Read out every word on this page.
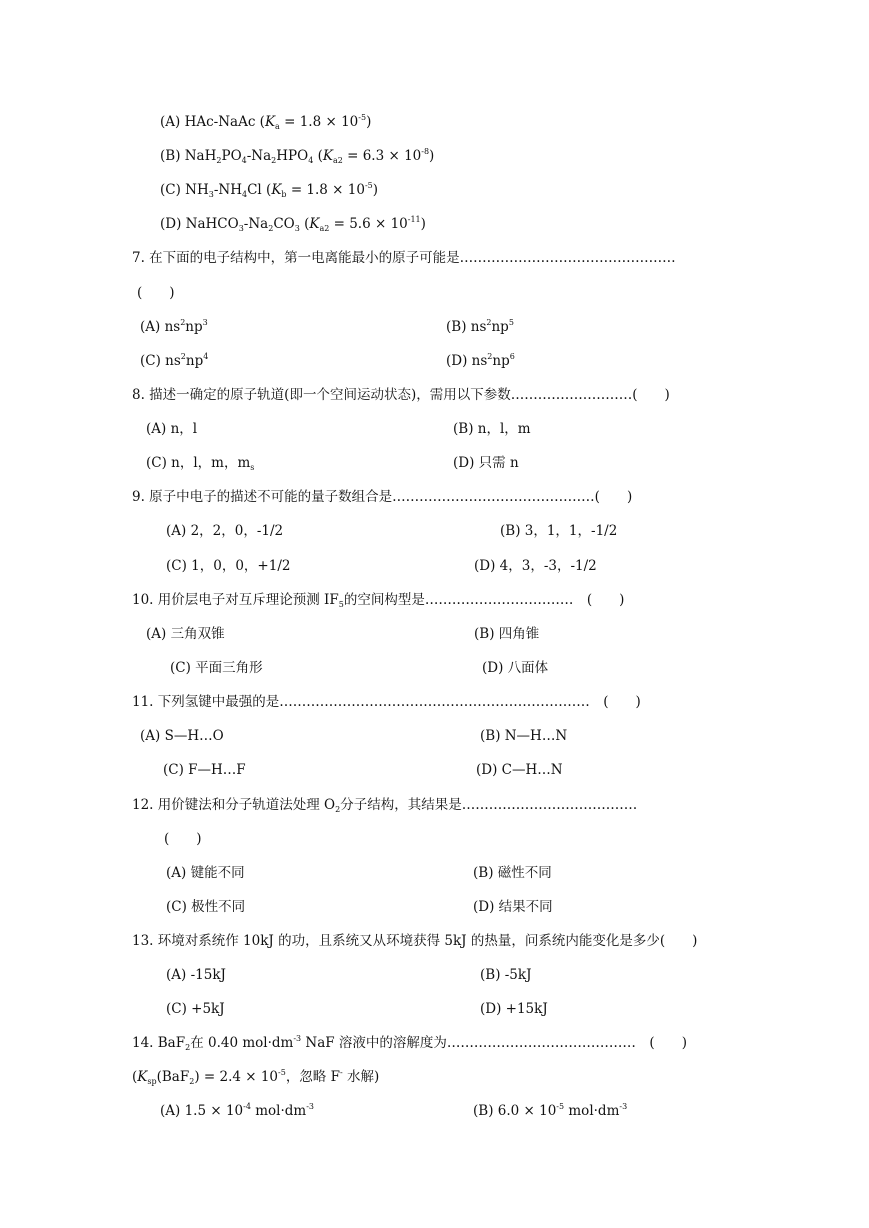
(A) HAc-NaAc $(K_a = 1.8 \times 10^{-5})$
(B) $NaH_2PO_4-Na_2HPO_4$ $(K_{a2} = 6.3 \times 10^{-8})$
(C) $NH_3-NH_4Cl$ $(K_b = 1.8 \times 10^{-5})$
(D) $NaHCO_3-Na_2CO_3$ $(K_{a2} = 5.6 \times 10^{-11})$
7. 在下面的电子结构中，第一电离能最小的原子可能是…………………………………………
(　　)
(A) $ns^2np^3$	(B) $ns^2np^5$
(C) $ns^2np^4$	(D) $ns^2np^6$
8. 描述一确定的原子轨道(即一个空间运动状态)，需用以下参数………………………(　　)
(A) n，l	(B) n，l，m
(C) n，l，m，$m_s$	(D) 只需 n
9. 原子中电子的描述不可能的量子数组合是………………………………………(　　)
(A) 2，2，0，-1/2	(B) 3，1，1，-1/2
(C) 1，0，0，+1/2	(D) 4，3，-3，-1/2
10. 用价层电子对互斥理论预测 $IF_5$的空间构型是……………………………　(　　)
(A) 三角双锥	(B) 四角锥
(C) 平面三角形	(D) 八面体
11. 下列氢键中最强的是……………………………………………………………　(　　)
(A) S—H…O	(B) N—H…N
(C) F—H…F	(D) C—H…N
12. 用价键法和分子轨道法处理 $O_2$分子结构，其结果是…………………………………
(　　)
(A) 键能不同	(B) 磁性不同
(C) 极性不同	(D) 结果不同
13. 环境对系统作 10kJ 的功，且系统又从环境获得 5kJ 的热量，问系统内能变化是多少(　　)
(A) -15kJ	(B) -5kJ
(C) +5kJ	(D) +15kJ
14. BaF$_2$在 0.40 $mol\cdot dm^{-3}$ NaF 溶液中的溶解度为……………………………………　(　　)
($K_{sp}(BaF_2) = 2.4 \times 10^{-5}$，忽略 F- 水解)
(A) $1.5 \times 10^{-4}$ $mol\cdot dm^{-3}$	(B) $6.0 \times 10^{-5}$ $mol\cdot dm^{-3}$
